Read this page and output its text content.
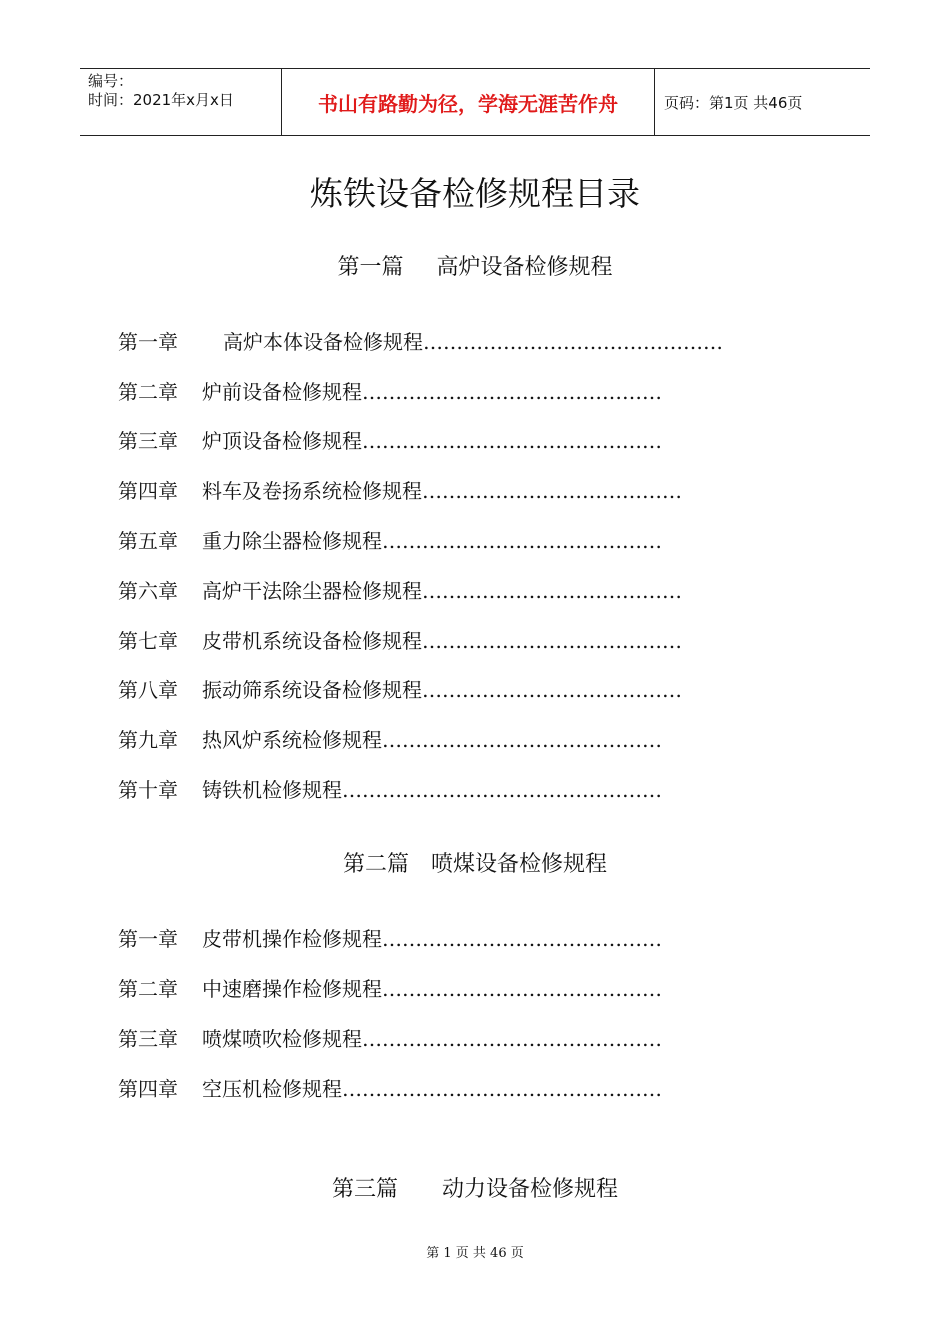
编号：
时间：2021年x月x日	书山有路勤为径，学海无涯苦作舟	页码：第1页 共46页
炼铁设备检修规程目录
第一篇 高炉设备检修规程
第一章 高炉本体设备检修规程………………………………………
第二章 炉前设备检修规程………………………………………
第三章 炉顶设备检修规程………………………………………
第四章 料车及卷扬系统检修规程…………………………………
第五章 重力除尘器检修规程……………………………………
第六章 高炉干法除尘器检修规程…………………………………
第七章 皮带机系统设备检修规程…………………………………
第八章 振动筛系统设备检修规程…………………………………
第九章 热风炉系统检修规程……………………………………
第十章 铸铁机检修规程…………………………………………
第二篇 喷煤设备检修规程
第一章 皮带机操作检修规程……………………………………
第二章 中速磨操作检修规程……………………………………
第三章 喷煤喷吹检修规程………………………………………
第四章 空压机检修规程…………………………………………
第三篇 动力设备检修规程
第 1 页 共 46 页
